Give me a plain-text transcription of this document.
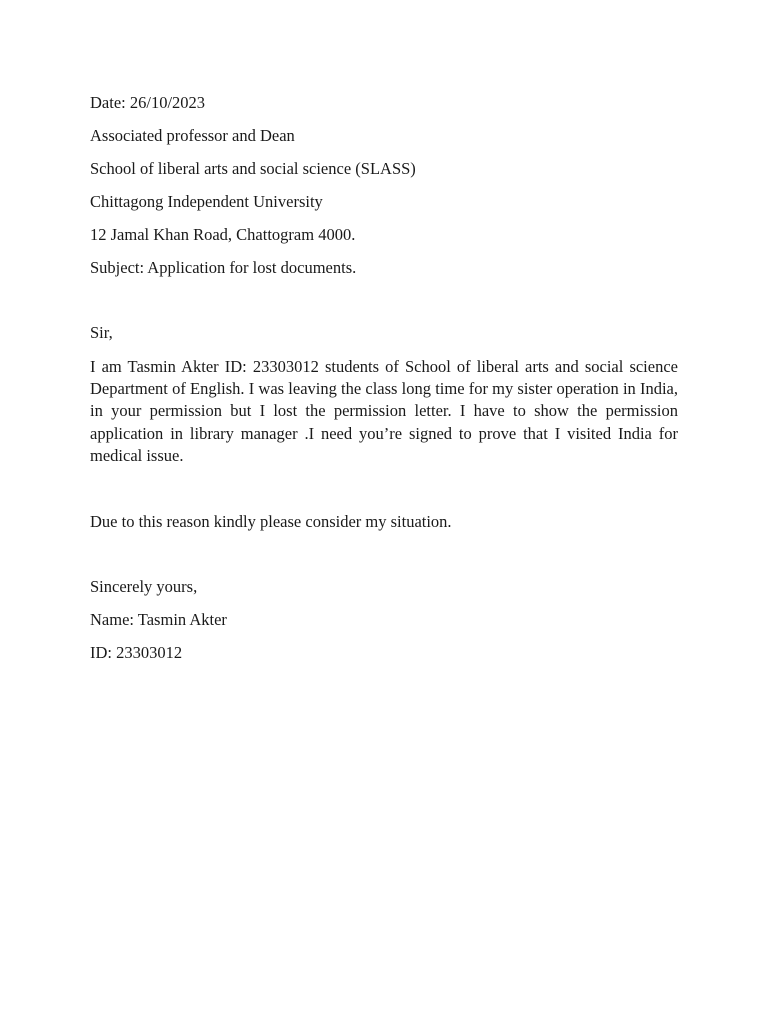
Date: 26/10/2023

Associated professor and Dean

School of liberal arts and social science (SLASS)

Chittagong Independent University

12 Jamal Khan Road, Chattogram 4000.

Subject: Application for lost documents.

Sir,

I am Tasmin Akter ID: 23303012 students of School of liberal arts and social science Department of English. I was leaving the class long time for my sister operation in India, in your permission but I lost the permission letter. I have to show the permission application in library manager .I need you’re signed to prove that I visited India for medical issue.

Due to this reason kindly please consider my situation.

Sincerely yours,

Name: Tasmin Akter

ID: 23303012
